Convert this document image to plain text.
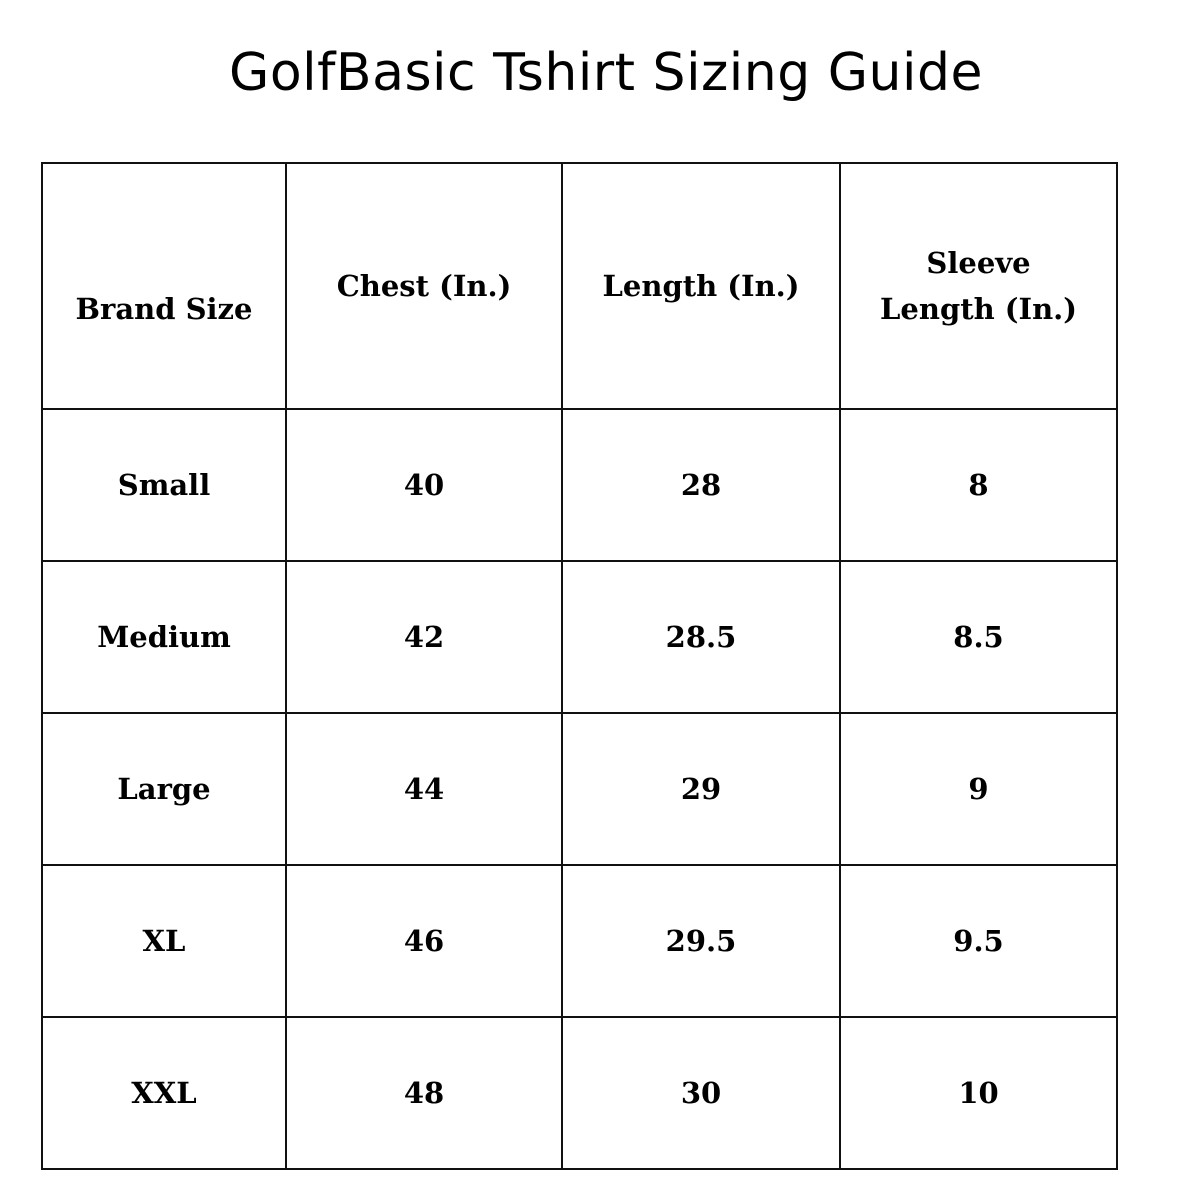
GolfBasic Tshirt Sizing Guide
Brand Size	Chest (In.)	Length (In.)	Sleeve Length (In.)
Small	40	28	8
Medium	42	28.5	8.5
Large	44	29	9
XL	46	29.5	9.5
XXL	48	30	10
